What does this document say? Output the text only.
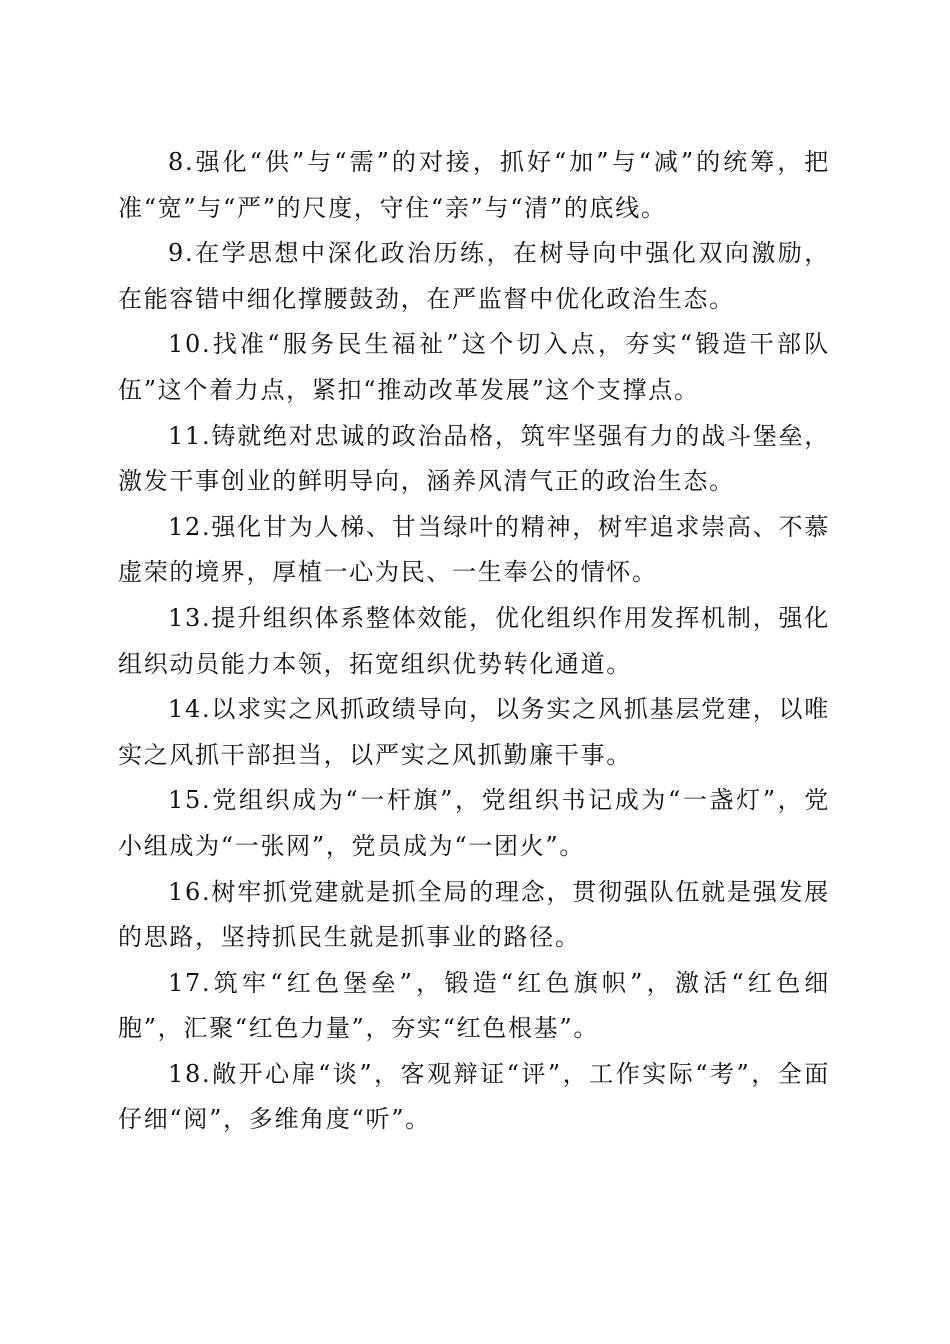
8.强化“供”与“需”的对接，抓好“加”与“减”的统筹，把准“宽”与“严”的尺度，守住“亲”与“清”的底线。

9.在学思想中深化政治历练，在树导向中强化双向激励，在能容错中细化撑腰鼓劲，在严监督中优化政治生态。

10.找准“服务民生福祉”这个切入点，夯实“锻造干部队伍”这个着力点，紧扣“推动改革发展”这个支撑点。

11.铸就绝对忠诚的政治品格，筑牢坚强有力的战斗堡垒，激发干事创业的鲜明导向，涵养风清气正的政治生态。

12.强化甘为人梯、甘当绿叶的精神，树牢追求崇高、不慕虚荣的境界，厚植一心为民、一生奉公的情怀。

13.提升组织体系整体效能，优化组织作用发挥机制，强化组织动员能力本领，拓宽组织优势转化通道。

14.以求实之风抓政绩导向，以务实之风抓基层党建，以唯实之风抓干部担当，以严实之风抓勤廉干事。

15.党组织成为“一杆旗”，党组织书记成为“一盏灯”，党小组成为“一张网”，党员成为“一团火”。

16.树牢抓党建就是抓全局的理念，贯彻强队伍就是强发展的思路，坚持抓民生就是抓事业的路径。

17.筑牢“红色堡垒”，锻造“红色旗帜”，激活“红色细胞”，汇聚“红色力量”，夯实“红色根基”。

18.敞开心扉“谈”，客观辩证“评”，工作实际“考”，全面仔细“阅”，多维角度“听”。
